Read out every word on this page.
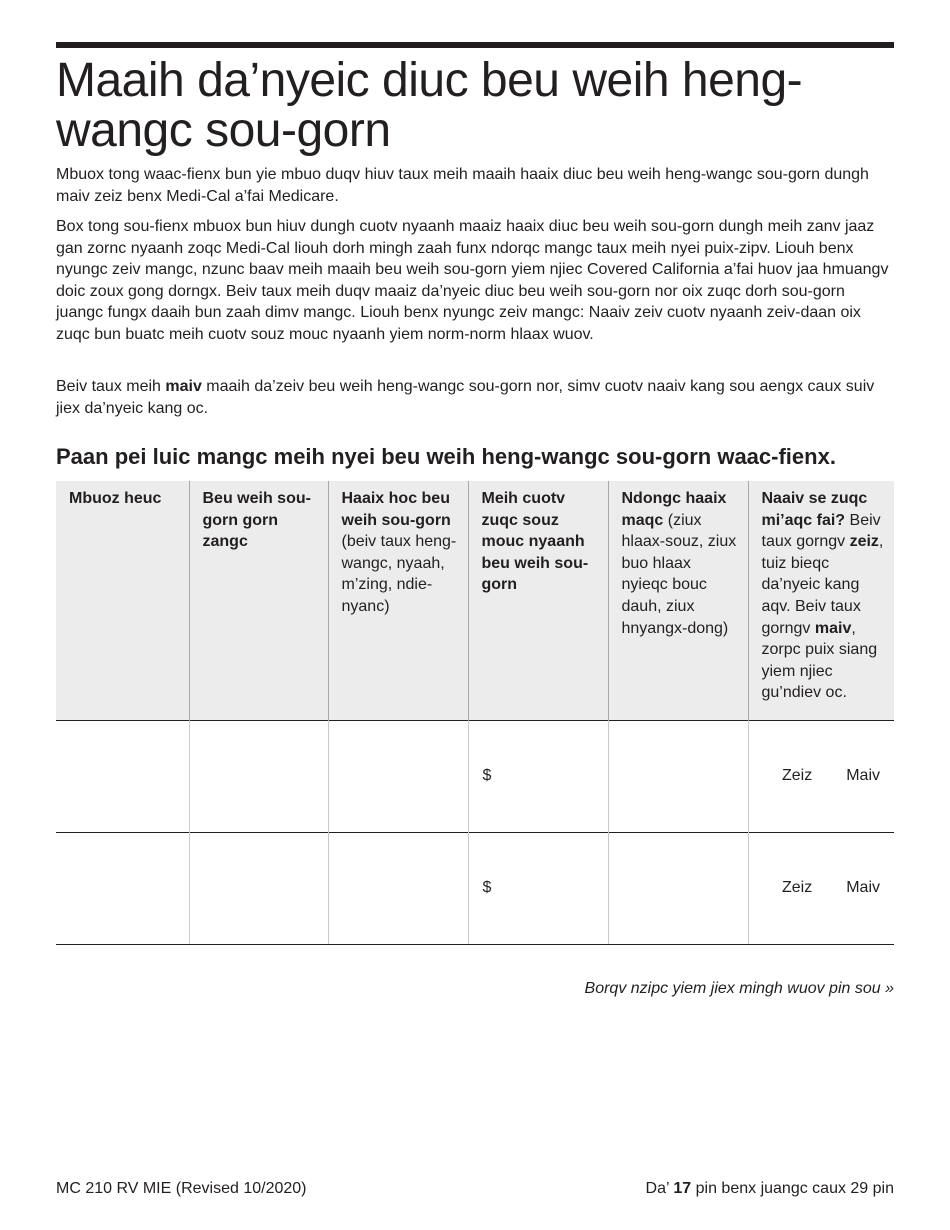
Maaih da’nyeic diuc beu weih heng-wangc sou-gorn

Mbuox tong waac-fienx bun yie mbuo duqv hiuv taux meih maaih haaix diuc beu weih heng-wangc sou-gorn dungh maiv zeiz benx Medi-Cal a’fai Medicare.

Box tong sou-fienx mbuox bun hiuv dungh cuotv nyaanh maaiz haaix diuc beu weih sou-gorn dungh meih zanv jaaz gan zornc nyaanh zoqc Medi-Cal liouh dorh mingh zaah funx ndorqc mangc taux meih nyei puix-zipv. Liouh benx nyungc zeiv mangc, nzunc baav meih maaih beu weih sou-gorn yiem njiec Covered California a’fai huov jaa hmuangv doic zoux gong dorngx. Beiv taux meih duqv maaiz da’nyeic diuc beu weih sou-gorn nor oix zuqc dorh sou-gorn juangc fungx daaih bun zaah dimv mangc. Liouh benx nyungc zeiv mangc: Naaiv zeiv cuotv nyaanh zeiv-daan oix zuqc bun buatc meih cuotv souz mouc nyaanh yiem norm-norm hlaax wuov.

Beiv taux meih maiv maaih da’zeiv beu weih heng-wangc sou-gorn nor, simv cuotv naaiv kang sou aengx caux suiv jiex da’nyeic kang oc.

Paan pei luic mangc meih nyei beu weih heng-wangc sou-gorn waac-fienx.
Mbuoz heuc	Beu weih sou-gorn gorn zangc	Haaix hoc beu weih sou-gorn (beiv taux heng-wangc, nyaah, m’zing, ndie-nyanc)	Meih cuotv zuqc souz mouc nyaanh beu weih sou-gorn	Ndongc haaix maqc (ziux hlaax-souz, ziux buo hlaax nyieqc bouc dauh, ziux hnyangx-dong)	Naaiv se zuqc mi’aqc fai? Beiv taux gorngv zeiz, tuiz bieqc da’nyeic kang aqv. Beiv taux gorngv maiv, zorpc puix siang yiem njiec gu’ndiev oc.
			$		Zeiz Maiv

			$		Zeiz Maiv

Borqv nzipc yiem jiex mingh wuov pin sou »

MC 210 RV MIE (Revised 10/2020)	Da’ 17 pin benx juangc caux 29 pin
